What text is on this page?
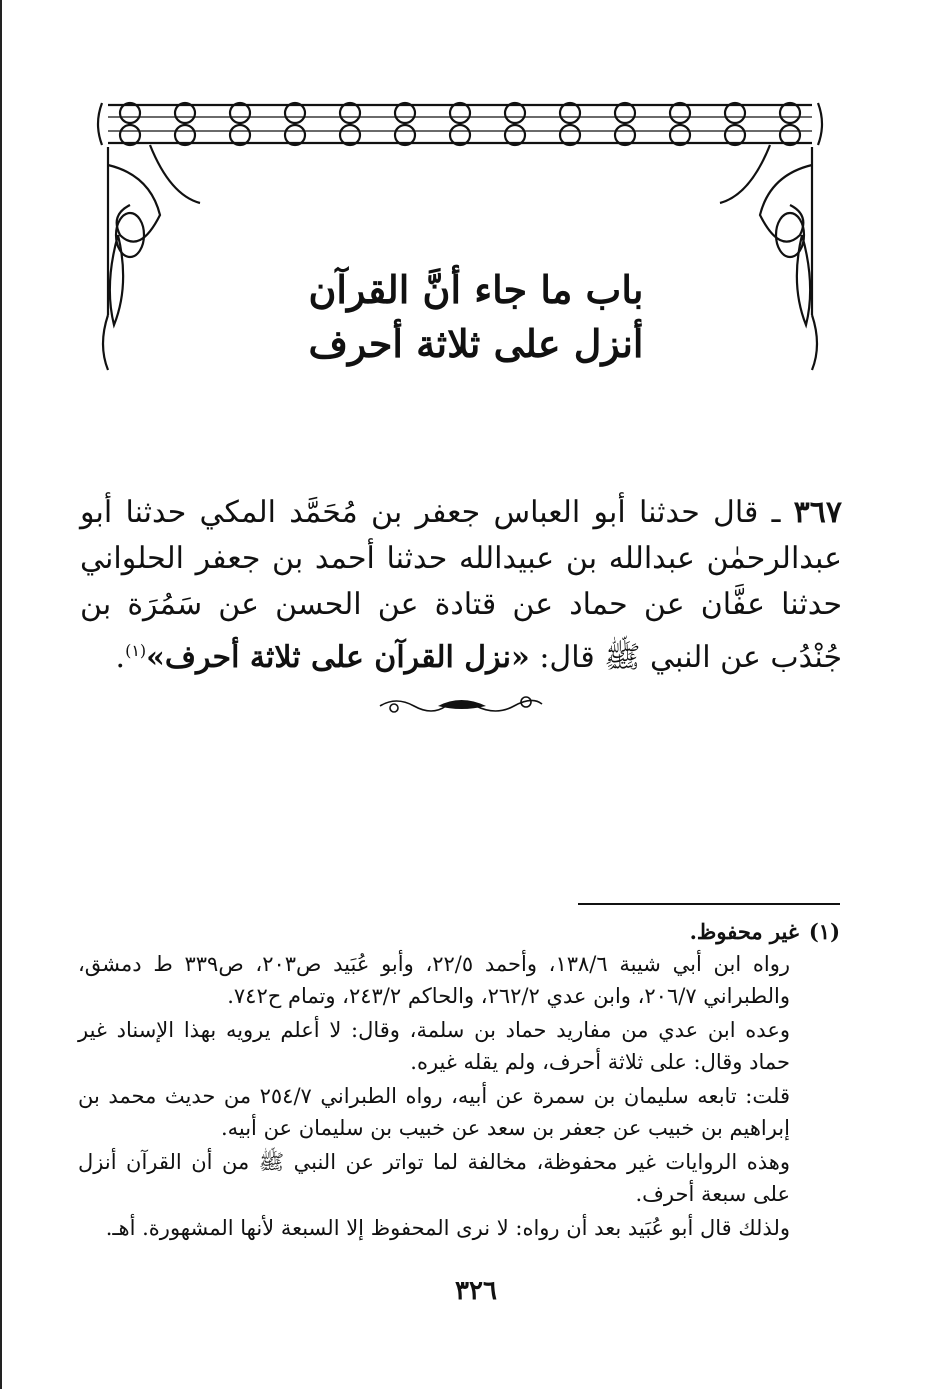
باب ما جاء أنَّ القرآن
أنزل على ثلاثة أحرف

٣٦٧ ـ قال حدثنا أبو العباس جعفر بن مُحَمَّد المكي حدثنا أبو عبدالرحمٰن عبدالله بن عبيدالله حدثنا أحمد بن جعفر الحلواني حدثنا عفَّان عن حماد عن قتادة عن الحسن عن سَمُرَة بن جُنْدُب عن النبي ﷺ قال: «نزل القرآن على ثلاثة أحرف»$^{(١)}$.

(١)
غير محفوظ.

رواه ابن أبي شيبة ١٣٨/٦، وأحمد ٢٢/٥، وأبو عُبَيد ص٢٠٣، ص٣٣٩ ط دمشق، والطبراني ٢٠٦/٧، وابن عدي ٢٦٢/٢، والحاكم ٢٤٣/٢، وتمام ح٧٤٢.

وعده ابن عدي من مفاريد حماد بن سلمة، وقال: لا أعلم يرويه بهذا الإسناد غير حماد وقال: على ثلاثة أحرف، ولم يقله غيره.

قلت: تابعه سليمان بن سمرة عن أبيه، رواه الطبراني ٢٥٤/٧ من حديث محمد بن إبراهيم بن خبيب عن جعفر بن سعد عن خبيب بن سليمان عن أبيه.

وهذه الروايات غير محفوظة، مخالفة لما تواتر عن النبي ﷺ من أن القرآن أنزل على سبعة أحرف.

ولذلك قال أبو عُبَيد بعد أن رواه: لا نرى المحفوظ إلا السبعة لأنها المشهورة. أهـ.

٣٢٦
